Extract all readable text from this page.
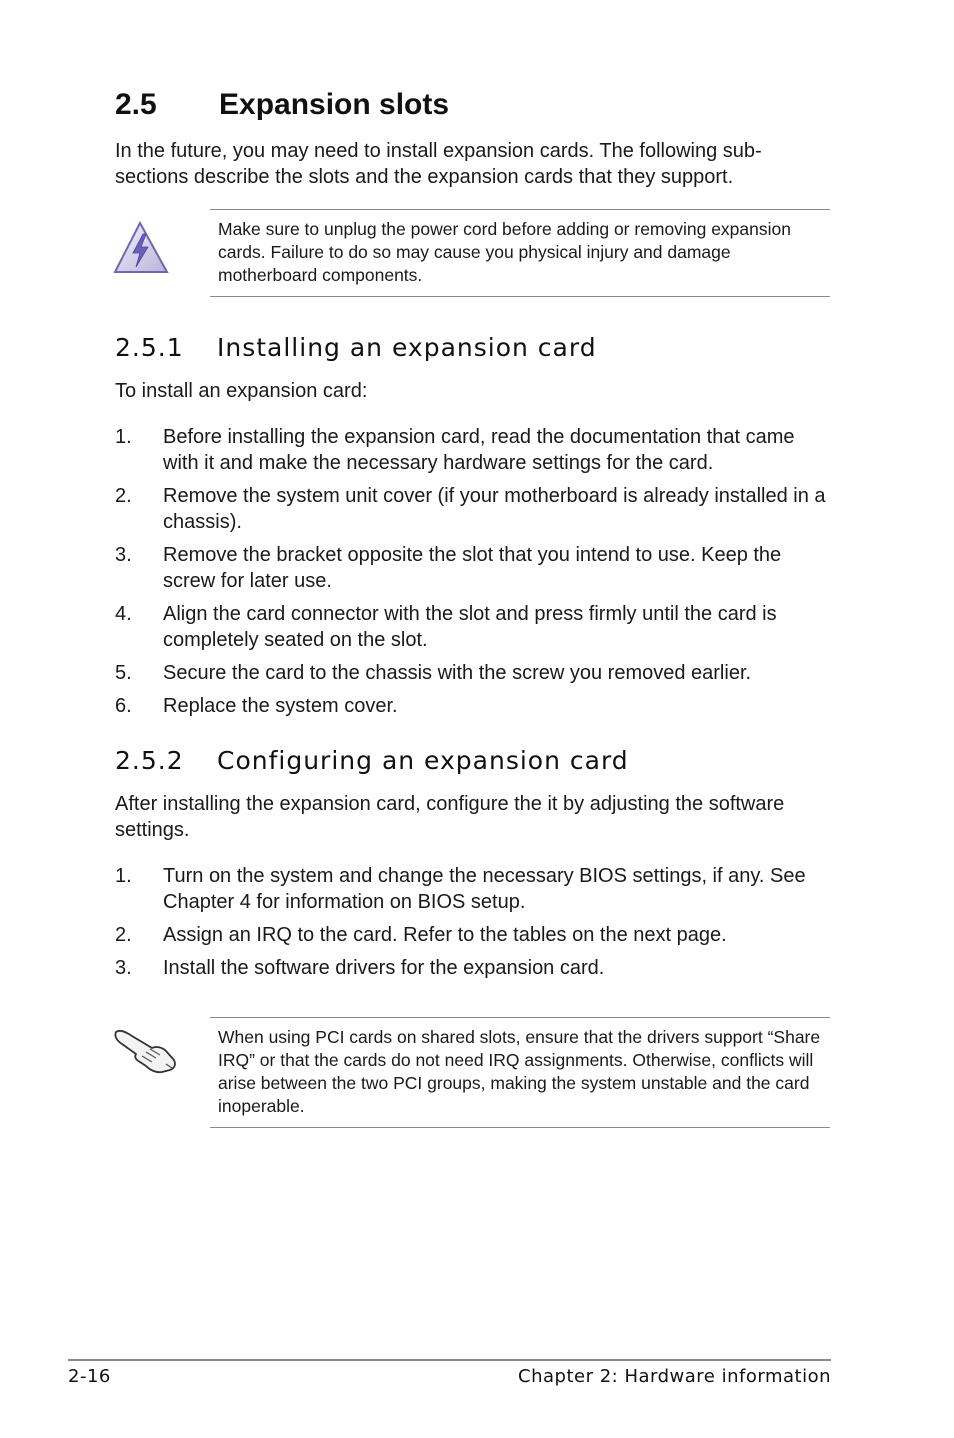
2.5 Expansion slots

In the future, you may need to install expansion cards. The following sub-sections describe the slots and the expansion cards that they support.

Make sure to unplug the power cord before adding or removing expansion cards. Failure to do so may cause you physical injury and damage motherboard components.
2.5.1 Installing an expansion card

To install an expansion card:

1. Before installing the expansion card, read the documentation that came with it and make the necessary hardware settings for the card.
2. Remove the system unit cover (if your motherboard is already installed in a chassis).
3. Remove the bracket opposite the slot that you intend to use. Keep the screw for later use.
4. Align the card connector with the slot and press firmly until the card is completely seated on the slot.
5. Secure the card to the chassis with the screw you removed earlier.
6. Replace the system cover.
2.5.2 Configuring an expansion card

After installing the expansion card, configure the it by adjusting the software settings.

1. Turn on the system and change the necessary BIOS settings, if any. See Chapter 4 for information on BIOS setup.
2. Assign an IRQ to the card. Refer to the tables on the next page.
3. Install the software drivers for the expansion card.
When using PCI cards on shared slots, ensure that the drivers support “Share IRQ” or that the cards do not need IRQ assignments. Otherwise, conflicts will arise between the two PCI groups, making the system unstable and the card inoperable.
2-16	Chapter 2: Hardware information
